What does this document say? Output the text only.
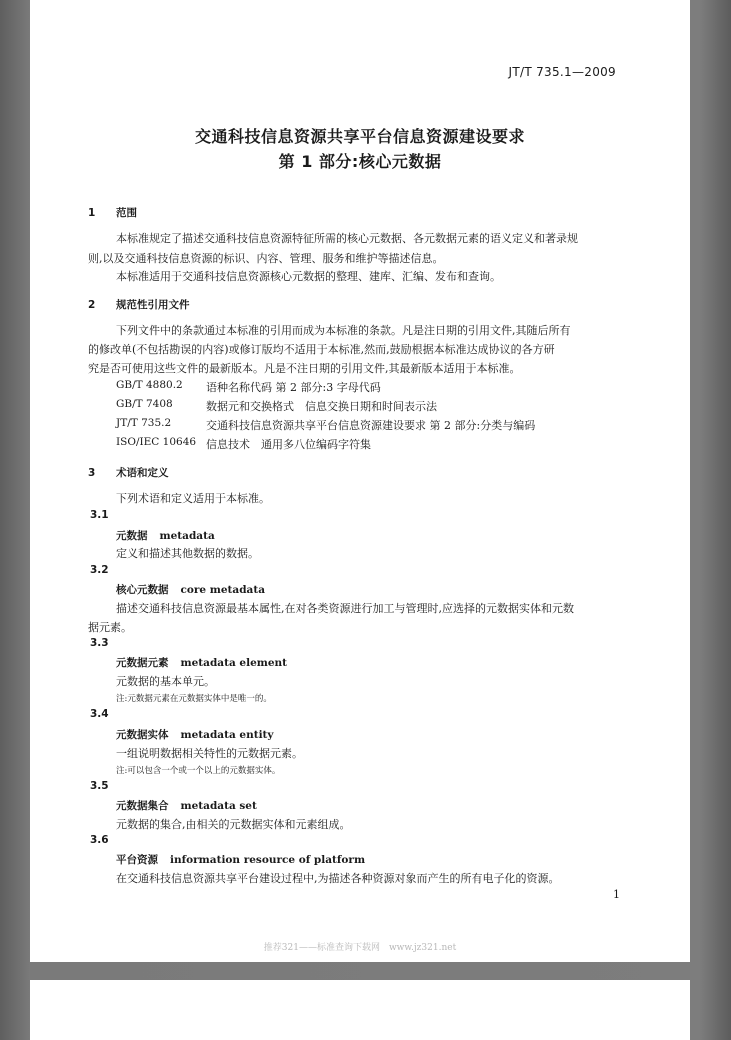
JT/T 735.1—2009
交通科技信息资源共享平台信息资源建设要求
第 1 部分:核心元数据
1 范围
本标准规定了描述交通科技信息资源特征所需的核心元数据、各元数据元素的语义定义和著录规
则,以及交通科技信息资源的标识、内容、管理、服务和维护等描述信息。
本标准适用于交通科技信息资源核心元数据的整理、建库、汇编、发布和查询。
2 规范性引用文件
下列文件中的条款通过本标准的引用而成为本标准的条款。凡是注日期的引用文件,其随后所有
的修改单(不包括勘误的内容)或修订版均不适用于本标准,然而,鼓励根据本标准达成协议的各方研
究是否可使用这些文件的最新版本。凡是不注日期的引用文件,其最新版本适用于本标准。
GB/T 4880.2 语种名称代码 第 2 部分:3 字母代码
GB/T 7408	数据元和交换格式　信息交换日期和时间表示法
JT/T 735.2	交通科技信息资源共享平台信息资源建设要求 第 2 部分:分类与编码
ISO/IEC 10646 信息技术　通用多八位编码字符集
3 术语和定义
下列术语和定义适用于本标准。
3.1
元数据 metadata
定义和描述其他数据的数据。
3.2
核心元数据 core metadata
描述交通科技信息资源最基本属性,在对各类资源进行加工与管理时,应选择的元数据实体和元数
据元素。
3.3
元数据元素 metadata element
元数据的基本单元。
注:元数据元素在元数据实体中是唯一的。
3.4
元数据实体 metadata entity
一组说明数据相关特性的元数据元素。
注:可以包含一个或一个以上的元数据实体。
3.5
元数据集合 metadata set
元数据的集合,由相关的元数据实体和元素组成。
3.6
平台资源 information resource of platform
在交通科技信息资源共享平台建设过程中,为描述各种资源对象而产生的所有电子化的资源。
1
推荐321——标准查询下载网　www.jz321.net
